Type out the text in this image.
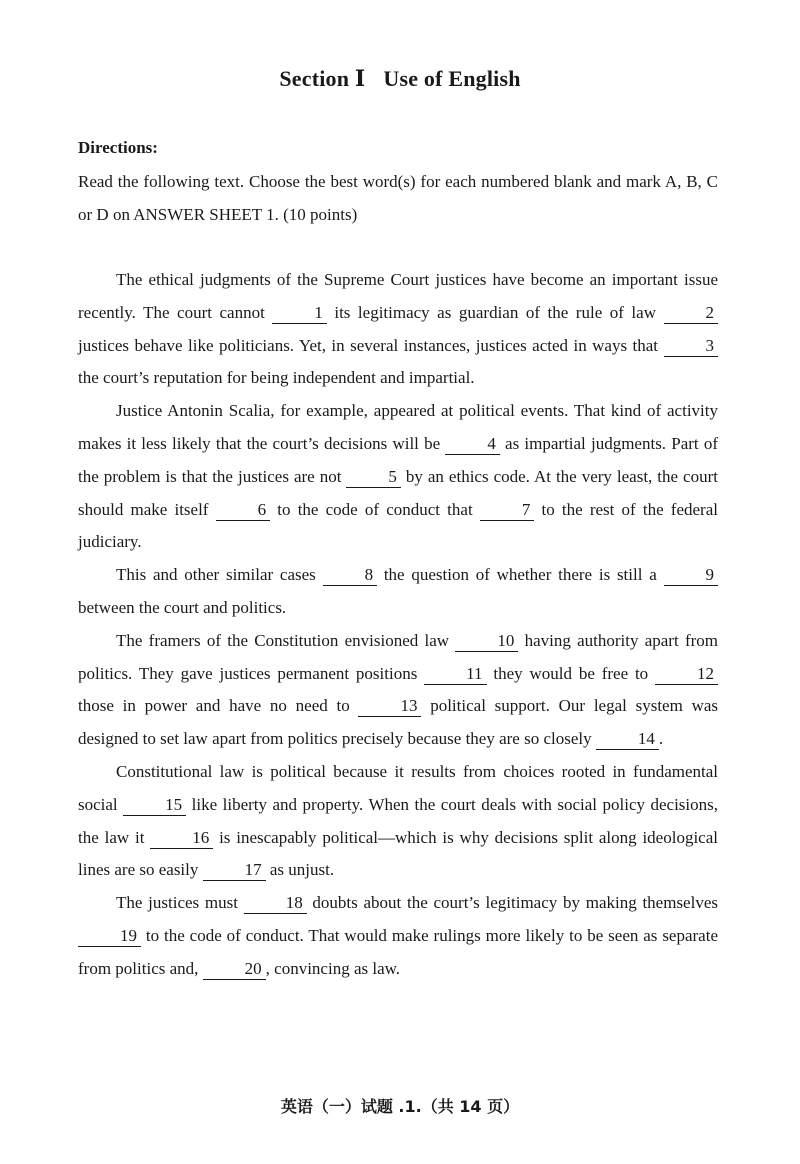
Section Ⅰ Use of English
Directions:

Read the following text. Choose the best word(s) for each numbered blank and mark A, B, C or D on ANSWER SHEET 1. (10 points)

The ethical judgments of the Supreme Court justices have become an important issue recently. The court cannot 1 its legitimacy as guardian of the rule of law 2 justices behave like politicians. Yet, in several instances, justices acted in ways that 3 the court’s reputation for being independent and impartial.

Justice Antonin Scalia, for example, appeared at political events. That kind of activity makes it less likely that the court’s decisions will be 4 as impartial judgments. Part of the problem is that the justices are not 5 by an ethics code. At the very least, the court should make itself 6 to the code of conduct that 7 to the rest of the federal judiciary.

This and other similar cases 8 the question of whether there is still a 9 between the court and politics.

The framers of the Constitution envisioned law 10 having authority apart from politics. They gave justices permanent positions 11 they would be free to 12 those in power and have no need to 13 political support. Our legal system was designed to set law apart from politics precisely because they are so closely 14 .

Constitutional law is political because it results from choices rooted in fundamental social 15 like liberty and property. When the court deals with social policy decisions, the law it 16 is inescapably political—which is why decisions split along ideological lines are so easily 17 as unjust.

The justices must 18 doubts about the court’s legitimacy by making themselves 19 to the code of conduct. That would make rulings more likely to be seen as separate from politics and, 20 , convincing as law.

英语（一）试题 .1.（共 14 页）
